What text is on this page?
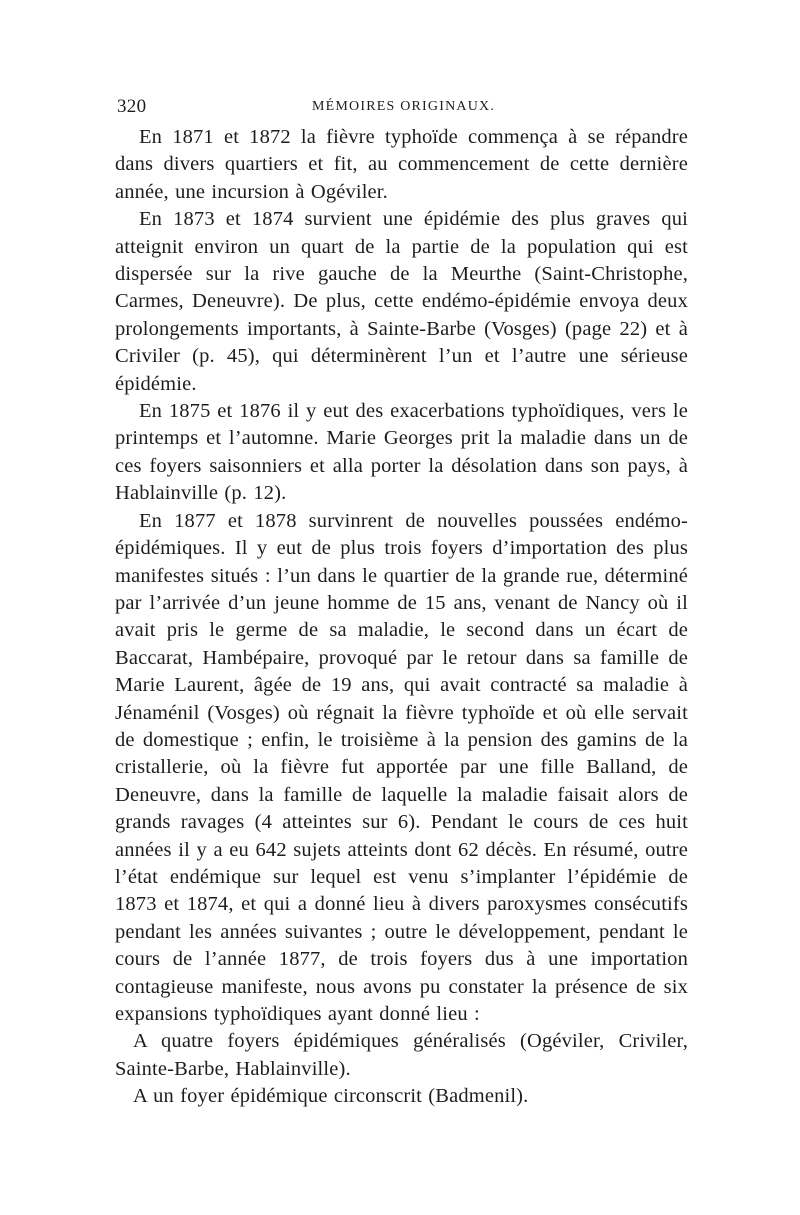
320	MÉMOIRES ORIGINAUX.

En 1871 et 1872 la fièvre typhoïde commença à se répandre dans divers quartiers et fit, au commencement de cette dernière année, une incursion à Ogéviler.

En 1873 et 1874 survient une épidémie des plus graves qui atteignit environ un quart de la partie de la population qui est dispersée sur la rive gauche de la Meurthe (Saint-Christophe, Carmes, Deneuvre). De plus, cette endémo-épidémie envoya deux prolongements importants, à Sainte-Barbe (Vosges) (page 22) et à Criviler (p. 45), qui déterminèrent l’un et l’autre une sérieuse épidémie.

En 1875 et 1876 il y eut des exacerbations typhoïdiques, vers le printemps et l’automne. Marie Georges prit la maladie dans un de ces foyers saisonniers et alla porter la désolation dans son pays, à Hablainville (p. 12).

En 1877 et 1878 survinrent de nouvelles poussées endémo-épidémiques. Il y eut de plus trois foyers d’importation des plus manifestes situés : l’un dans le quartier de la grande rue, déterminé par l’arrivée d’un jeune homme de 15 ans, venant de Nancy où il avait pris le germe de sa maladie, le second dans un écart de Baccarat, Hambépaire, provoqué par le retour dans sa famille de Marie Laurent, âgée de 19 ans, qui avait contracté sa maladie à Jénaménil (Vosges) où régnait la fièvre typhoïde et où elle servait de domestique ; enfin, le troisième à la pension des gamins de la cristallerie, où la fièvre fut apportée par une fille Balland, de Deneuvre, dans la famille de laquelle la maladie faisait alors de grands ravages (4 atteintes sur 6). Pendant le cours de ces huit années il y a eu 642 sujets atteints dont 62 décès. En résumé, outre l’état endémique sur lequel est venu s’implanter l’épidémie de 1873 et 1874, et qui a donné lieu à divers paroxysmes consécutifs pendant les années suivantes ; outre le développement, pendant le cours de l’année 1877, de trois foyers dus à une importation contagieuse manifeste, nous avons pu constater la présence de six expansions typhoïdiques ayant donné lieu :

A quatre foyers épidémiques généralisés (Ogéviler, Criviler, Sainte-Barbe, Hablainville).

A un foyer épidémique circonscrit (Badmenil).
